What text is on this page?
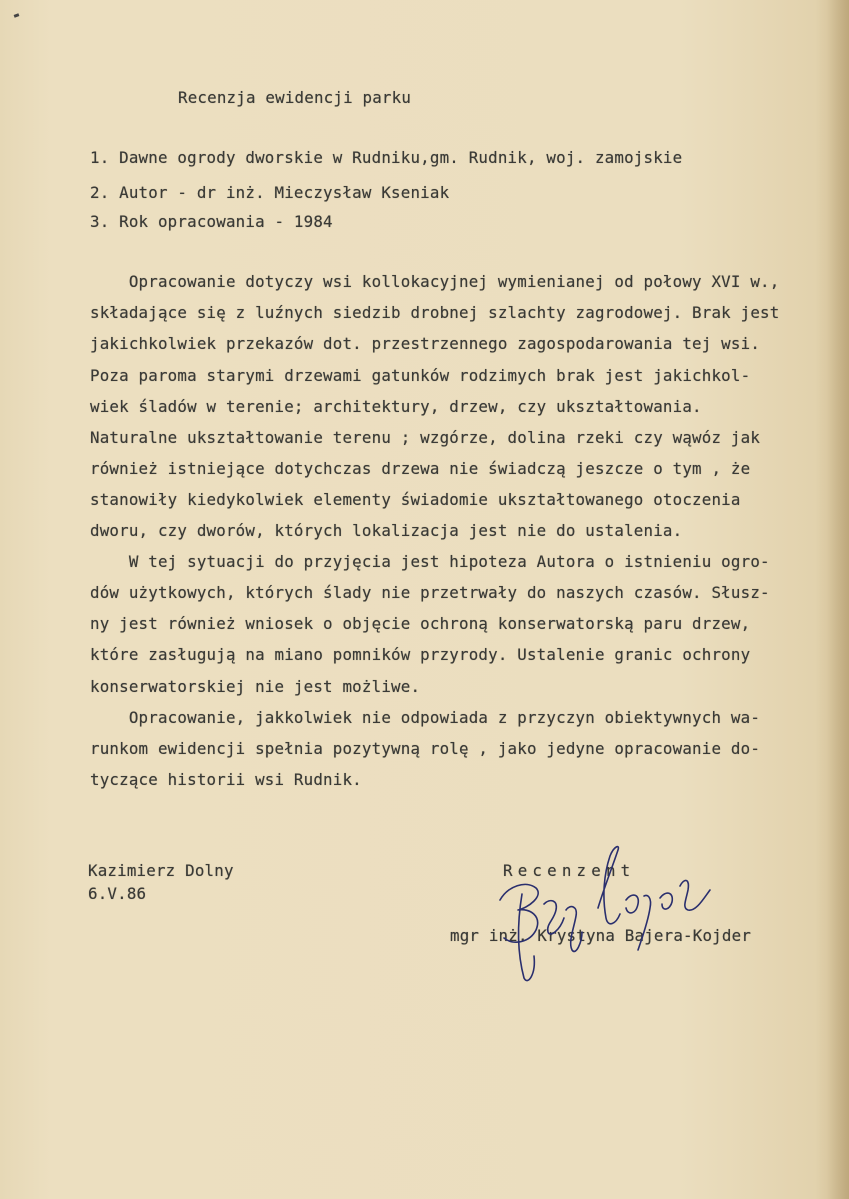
Recenzja ewidencji parku
1. Dawne ogrody dworskie w Rudniku,gm. Rudnik, woj. zamojskie
2. Autor - dr inż. Mieczysław Kseniak
3. Rok opracowania - 1984
Opracowanie dotyczy wsi kollokacyjnej wymienianej od połowy XVI w.,
składające się z luźnych siedzib drobnej szlachty zagrodowej. Brak jest
jakichkolwiek przekazów dot. przestrzennego zagospodarowania tej wsi.
Poza paroma starymi drzewami gatunków rodzimych brak jest jakichkol-
wiek śladów w terenie; architektury, drzew, czy ukształtowania.
Naturalne ukształtowanie terenu ; wzgórze, dolina rzeki czy wąwóz jak
również istniejące dotychczas drzewa nie świadczą jeszcze o tym , że
stanowiły kiedykolwiek elementy świadomie ukształtowanego otoczenia
dworu, czy dworów, których lokalizacja jest nie do ustalenia.
W tej sytuacji do przyjęcia jest hipoteza Autora o istnieniu ogro-
dów użytkowych, których ślady nie przetrwały do naszych czasów. Słusz-
ny jest również wniosek o objęcie ochroną konserwatorską paru drzew,
które zasługują na miano pomników przyrody. Ustalenie granic ochrony
konserwatorskiej nie jest możliwe.
Opracowanie, jakkolwiek nie odpowiada z przyczyn obiektywnych wa-
runkom ewidencji spełnia pozytywną rolę , jako jedyne opracowanie do-
tyczące historii wsi Rudnik.
Kazimierz Dolny
6.V.86
Recenzent
mgr inż. Krystyna Bajera-Kojder
